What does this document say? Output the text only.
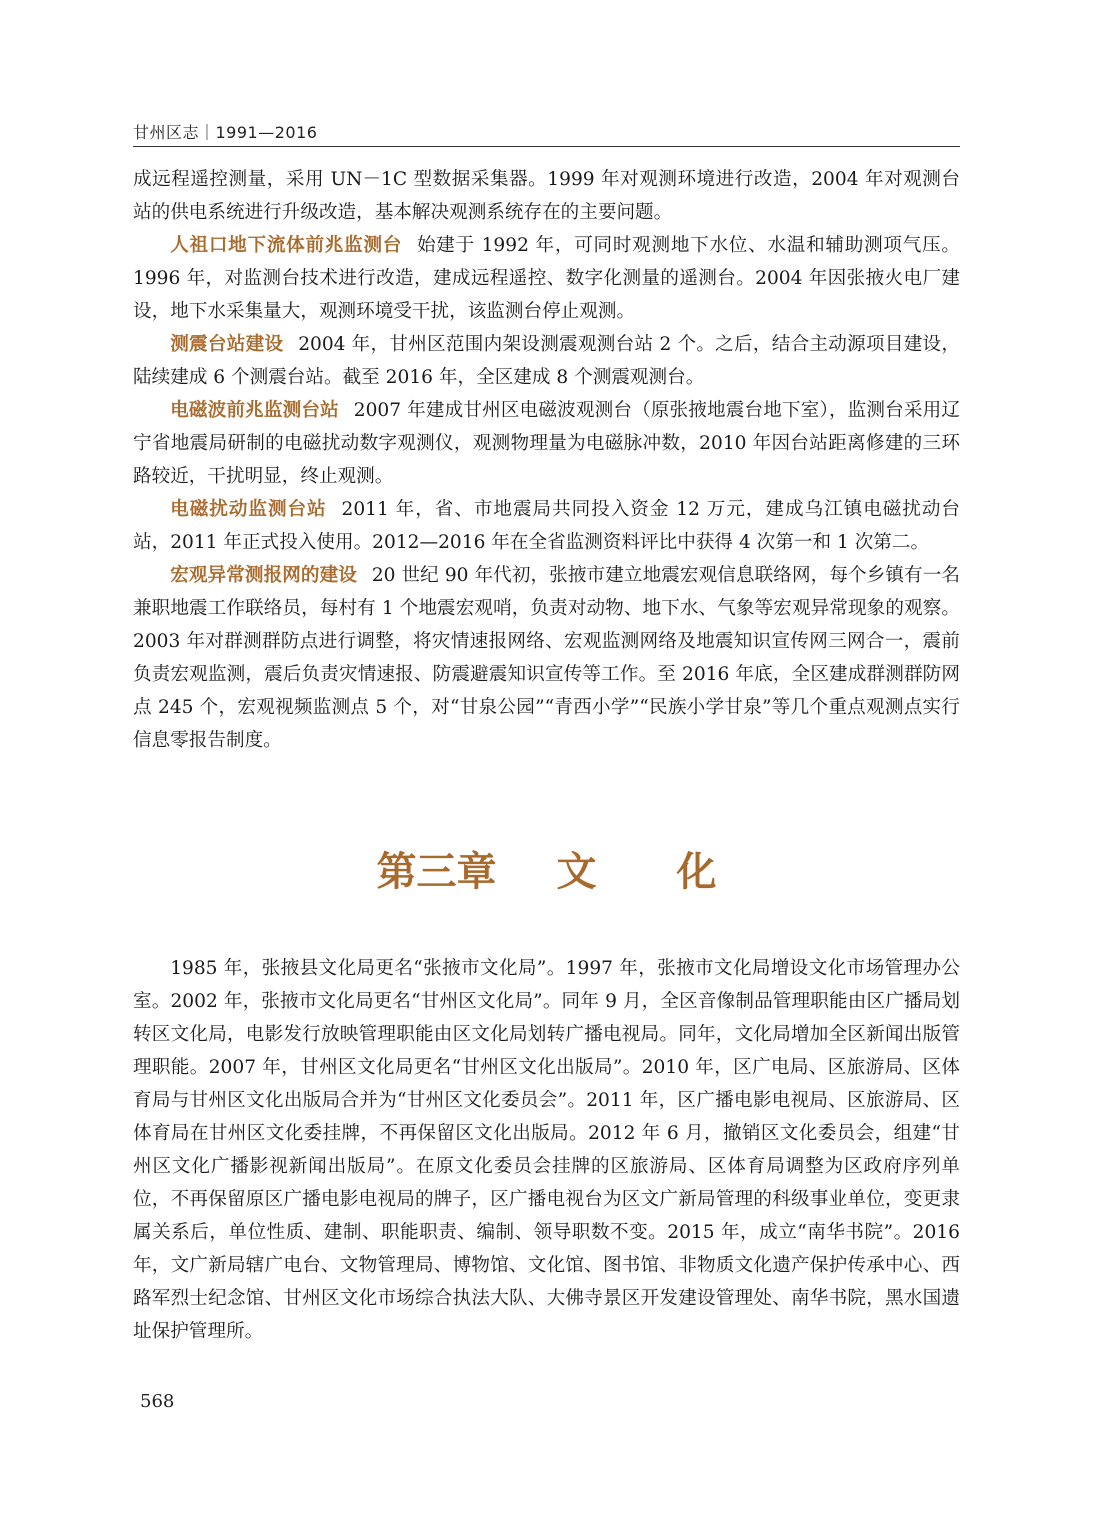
甘州区志｜1991—2016

成远程遥控测量，采用 UN－1C 型数据采集器。1999 年对观测环境进行改造，2004 年对观测台站的供电系统进行升级改造，基本解决观测系统存在的主要问题。

人祖口地下流体前兆监测台 始建于 1992 年，可同时观测地下水位、水温和辅助测项气压。1996 年，对监测台技术进行改造，建成远程遥控、数字化测量的遥测台。2004 年因张掖火电厂建设，地下水采集量大，观测环境受干扰，该监测台停止观测。

测震台站建设 2004 年，甘州区范围内架设测震观测台站 2 个。之后，结合主动源项目建设，陆续建成 6 个测震台站。截至 2016 年，全区建成 8 个测震观测台。

电磁波前兆监测台站 2007 年建成甘州区电磁波观测台（原张掖地震台地下室），监测台采用辽宁省地震局研制的电磁扰动数字观测仪，观测物理量为电磁脉冲数，2010 年因台站距离修建的三环路较近，干扰明显，终止观测。

电磁扰动监测台站 2011 年，省、市地震局共同投入资金 12 万元，建成乌江镇电磁扰动台站，2011 年正式投入使用。2012—2016 年在全省监测资料评比中获得 4 次第一和 1 次第二。

宏观异常测报网的建设 20 世纪 90 年代初，张掖市建立地震宏观信息联络网，每个乡镇有一名兼职地震工作联络员，每村有 1 个地震宏观哨，负责对动物、地下水、气象等宏观异常现象的观察。2003 年对群测群防点进行调整，将灾情速报网络、宏观监测网络及地震知识宣传网三网合一，震前负责宏观监测，震后负责灾情速报、防震避震知识宣传等工作。至 2016 年底，全区建成群测群防网点 245 个，宏观视频监测点 5 个，对“甘泉公园”“青西小学”“民族小学甘泉”等几个重点观测点实行信息零报告制度。

第三章 文 化

1985 年，张掖县文化局更名“张掖市文化局”。1997 年，张掖市文化局增设文化市场管理办公室。2002 年，张掖市文化局更名“甘州区文化局”。同年 9 月，全区音像制品管理职能由区广播局划转区文化局，电影发行放映管理职能由区文化局划转广播电视局。同年，文化局增加全区新闻出版管理职能。2007 年，甘州区文化局更名“甘州区文化出版局”。2010 年，区广电局、区旅游局、区体育局与甘州区文化出版局合并为“甘州区文化委员会”。2011 年，区广播电影电视局、区旅游局、区体育局在甘州区文化委挂牌，不再保留区文化出版局。2012 年 6 月，撤销区文化委员会，组建“甘州区文化广播影视新闻出版局”。在原文化委员会挂牌的区旅游局、区体育局调整为区政府序列单位，不再保留原区广播电影电视局的牌子，区广播电视台为区文广新局管理的科级事业单位，变更隶属关系后，单位性质、建制、职能职责、编制、领导职数不变。2015 年，成立“南华书院”。2016 年，文广新局辖广电台、文物管理局、博物馆、文化馆、图书馆、非物质文化遗产保护传承中心、西路军烈士纪念馆、甘州区文化市场综合执法大队、大佛寺景区开发建设管理处、南华书院，黑水国遗址保护管理所。

568
